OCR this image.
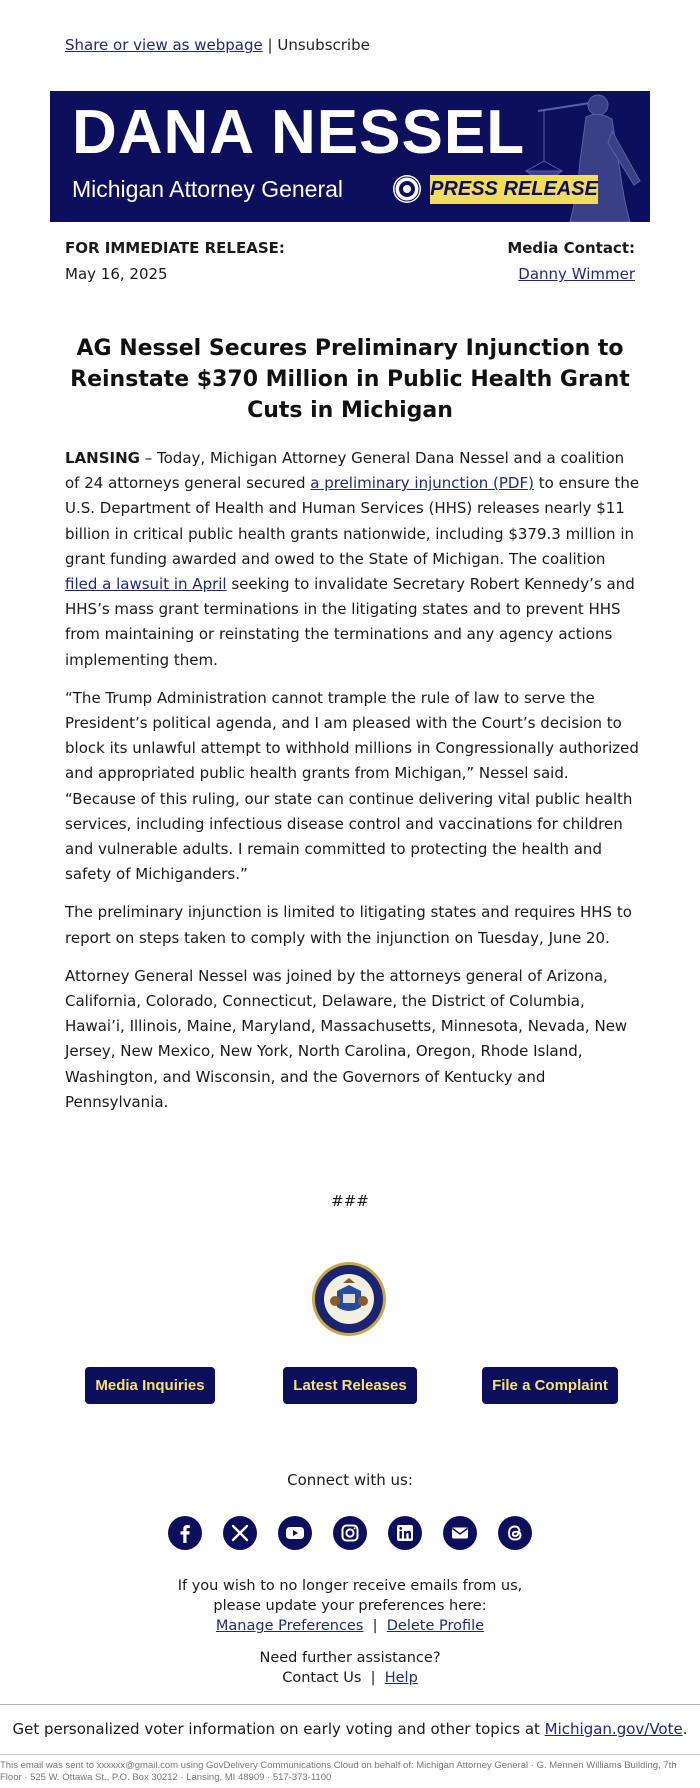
Share or view as webpage | Unsubscribe
DANA NESSEL
Michigan Attorney General	PRESS RELEASE
FOR IMMEDIATE RELEASE:
May 16, 2025
Media Contact:
Danny Wimmer
AG Nessel Secures Preliminary Injunction to Reinstate $370 Million in Public Health Grant Cuts in Michigan

LANSING – Today, Michigan Attorney General Dana Nessel and a coalition of 24 attorneys general secured a preliminary injunction (PDF) to ensure the U.S. Department of Health and Human Services (HHS) releases nearly $11 billion in critical public health grants nationwide, including $379.3 million in grant funding awarded and owed to the State of Michigan. The coalition filed a lawsuit in April seeking to invalidate Secretary Robert Kennedy’s and HHS’s mass grant terminations in the litigating states and to prevent HHS from maintaining or reinstating the terminations and any agency actions implementing them.

“The Trump Administration cannot trample the rule of law to serve the President’s political agenda, and I am pleased with the Court’s decision to block its unlawful attempt to withhold millions in Congressionally authorized and appropriated public health grants from Michigan,” Nessel said. “Because of this ruling, our state can continue delivering vital public health services, including infectious disease control and vaccinations for children and vulnerable adults. I remain committed to protecting the health and safety of Michiganders.”

The preliminary injunction is limited to litigating states and requires HHS to report on steps taken to comply with the injunction on Tuesday, June 20.

Attorney General Nessel was joined by the attorneys general of Arizona, California, Colorado, Connecticut, Delaware, the District of Columbia, Hawai’i, Illinois, Maine, Maryland, Massachusetts, Minnesota, Nevada, New Jersey, New Mexico, New York, North Carolina, Oregon, Rhode Island, Washington, and Wisconsin, and the Governors of Kentucky and Pennsylvania.

###
Media Inquiries	Latest Releases	File a Complaint
Connect with us:
If you wish to no longer receive emails from us,
please update your preferences here:
Manage Preferences | Delete Profile
Need further assistance?
Contact Us | Help
Get personalized voter information on early voting and other topics at Michigan.gov/Vote.
This email was sent to xxxxxx@gmail.com using GovDelivery Communications Cloud on behalf of: Michigan Attorney General · G. Mennen Williams Building, 7th Floor · 525 W. Ottawa St., P.O. Box 30212 · Lansing, MI 48909 · 517-373-1100
